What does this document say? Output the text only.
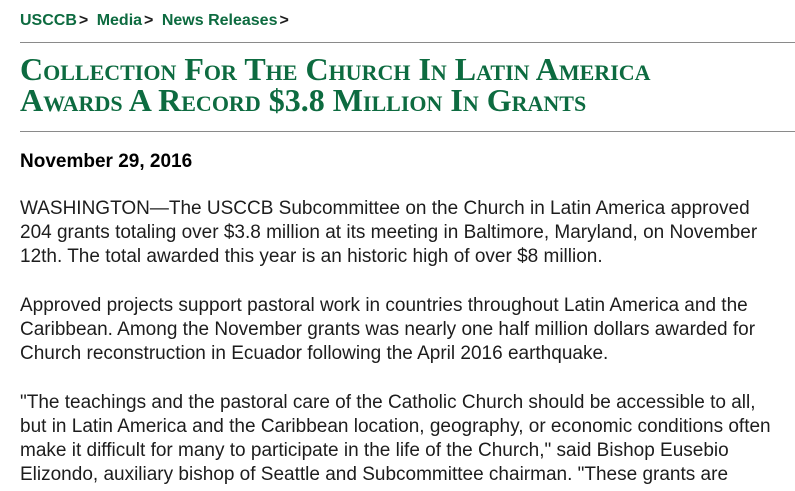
USCCB > Media > News Releases >
Collection For The Church In Latin America
Awards A Record $3.8 Million In Grants
November 29, 2016

WASHINGTON—The USCCB Subcommittee on the Church in Latin America approved
204 grants totaling over $3.8 million at its meeting in Baltimore, Maryland, on November
12th. The total awarded this year is an historic high of over $8 million.

Approved projects support pastoral work in countries throughout Latin America and the
Caribbean. Among the November grants was nearly one half million dollars awarded for
Church reconstruction in Ecuador following the April 2016 earthquake.

"The teachings and the pastoral care of the Catholic Church should be accessible to all,
but in Latin America and the Caribbean location, geography, or economic conditions often
make it difficult for many to participate in the life of the Church," said Bishop Eusebio
Elizondo, auxiliary bishop of Seattle and Subcommittee chairman. "These grants are
